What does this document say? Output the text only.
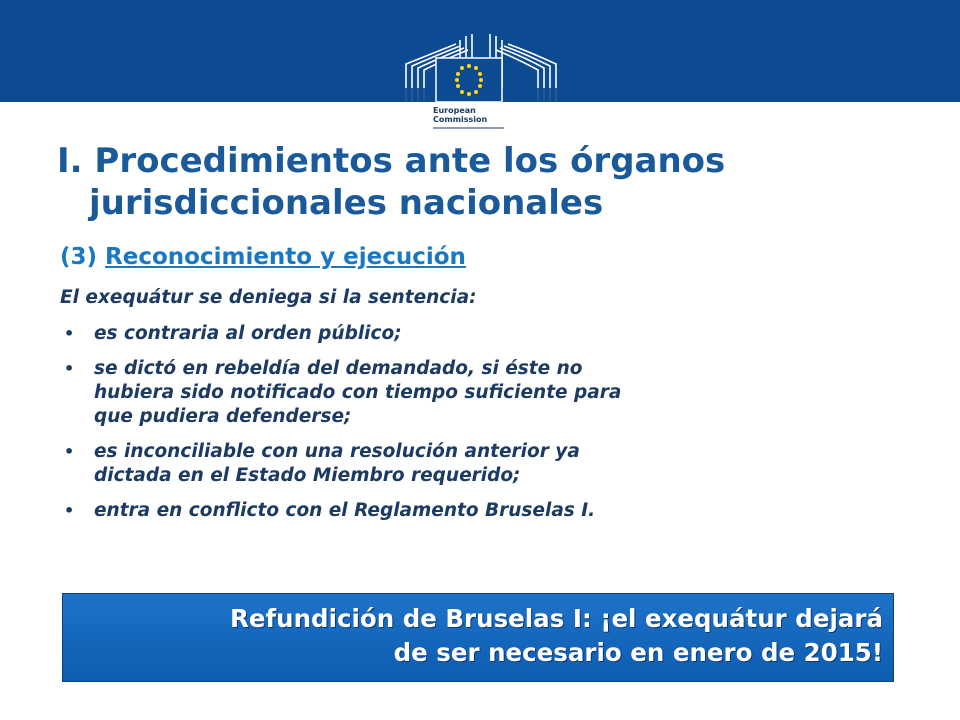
European
Commission
I. Procedimientos ante los órganos
jurisdiccionales nacionales
(3) Reconocimiento y ejecución
El exequátur se deniega si la sentencia:
• es contraria al orden público;
• se dictó en rebeldía del demandado, si éste no
hubiera sido notificado con tiempo suficiente para
que pudiera defenderse;
• es inconciliable con una resolución anterior ya
dictada en el Estado Miembro requerido;
• entra en conflicto con el Reglamento Bruselas I.
Refundición de Bruselas I: ¡el exequátur dejará
de ser necesario en enero de 2015!
